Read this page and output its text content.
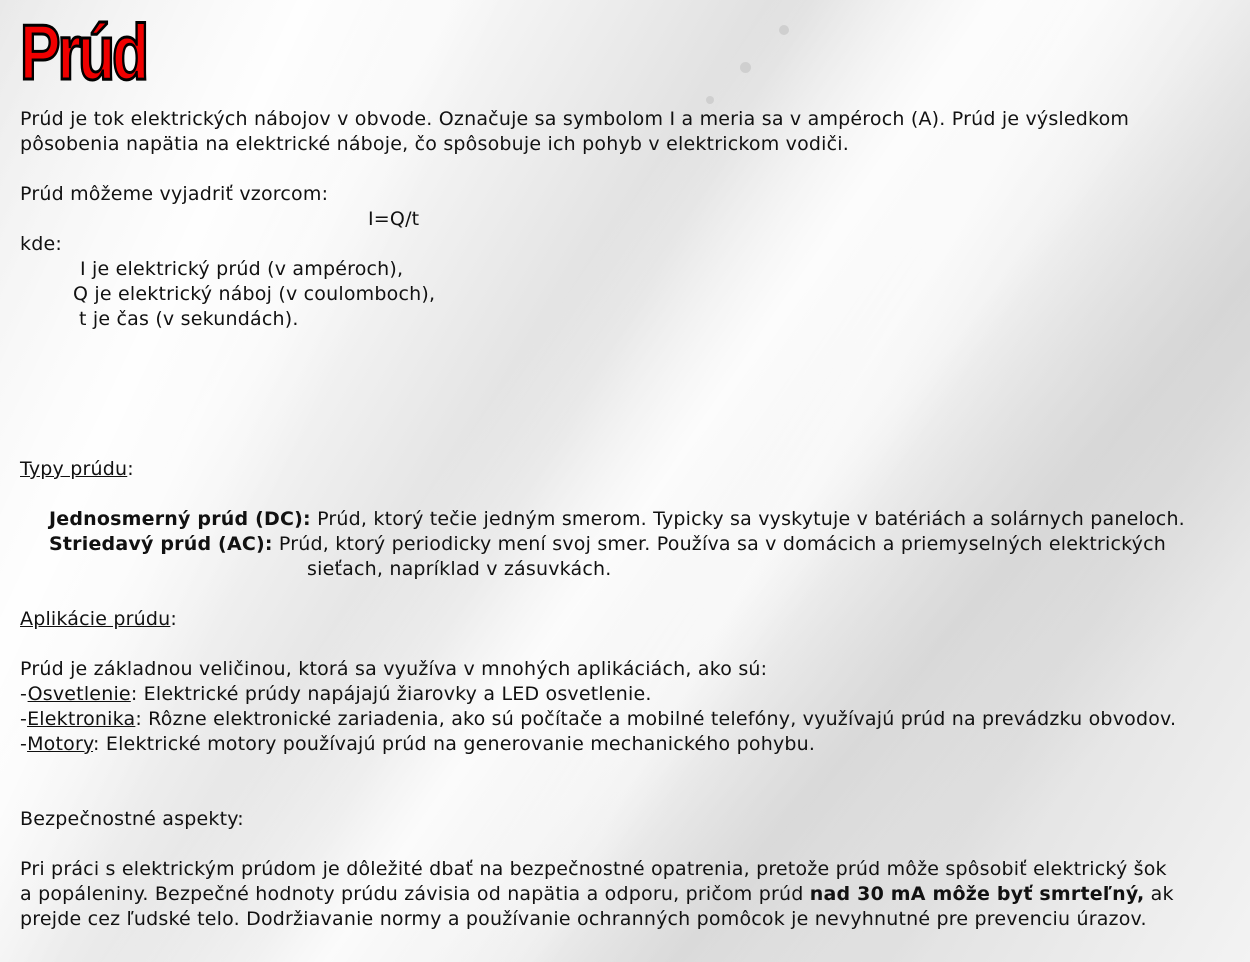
Prúd
Prúd je tok elektrických nábojov v obvode. Označuje sa symbolom I a meria sa v ampéroch (A). Prúd je výsledkom
pôsobenia napätia na elektrické náboje, čo spôsobuje ich pohyb v elektrickom vodiči.
Prúd môžeme vyjadriť vzorcom:
I=Q/t
kde:
I je elektrický prúd (v ampéroch),
Q je elektrický náboj (v coulomboch),
t je čas (v sekundách).
Typy prúdu:
Jednosmerný prúd (DC): Prúd, ktorý tečie jedným smerom. Typicky sa vyskytuje v batériách a solárnych paneloch.
Striedavý prúd (AC): Prúd, ktorý periodicky mení svoj smer. Používa sa v domácich a priemyselných elektrických
sieťach, napríklad v zásuvkách.
Aplikácie prúdu:
Prúd je základnou veličinou, ktorá sa využíva v mnohých aplikáciách, ako sú:
-Osvetlenie: Elektrické prúdy napájajú žiarovky a LED osvetlenie.
-Elektronika: Rôzne elektronické zariadenia, ako sú počítače a mobilné telefóny, využívajú prúd na prevádzku obvodov.
-Motory: Elektrické motory používajú prúd na generovanie mechanického pohybu.
Bezpečnostné aspekty:
Pri práci s elektrickým prúdom je dôležité dbať na bezpečnostné opatrenia, pretože prúd môže spôsobiť elektrický šok
a popáleniny. Bezpečné hodnoty prúdu závisia od napätia a odporu, pričom prúd nad 30 mA môže byť smrteľný, ak
prejde cez ľudské telo. Dodržiavanie normy a používanie ochranných pomôcok je nevyhnutné pre prevenciu úrazov.
